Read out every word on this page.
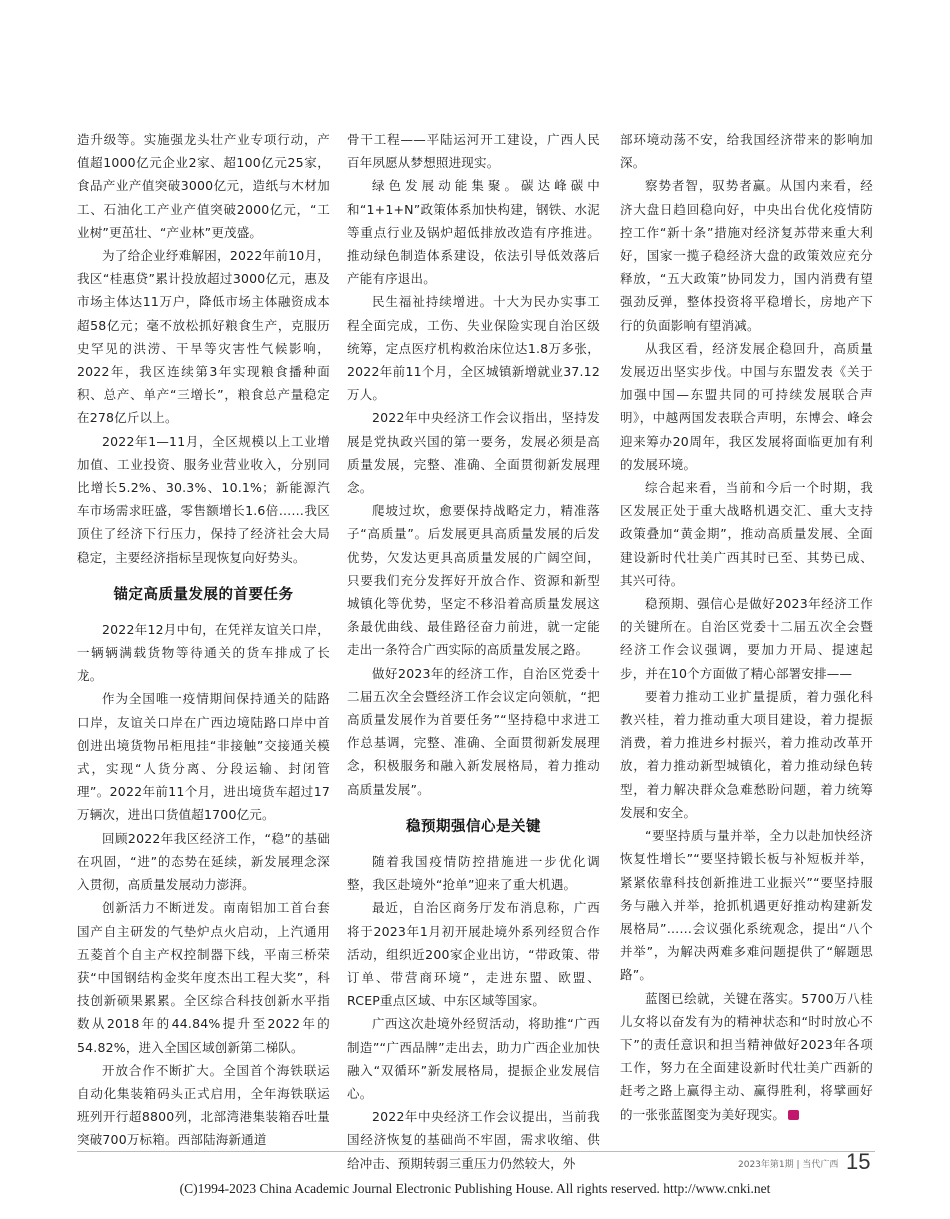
造升级等。实施强龙头壮产业专项行动，产值超1000亿元企业2家、超100亿元25家，食品产业产值突破3000亿元，造纸与木材加工、石油化工产业产值突破2000亿元，“工业树”更茁壮、“产业林”更茂盛。

为了给企业纾难解困，2022年前10月，我区“桂惠贷”累计投放超过3000亿元，惠及市场主体达11万户，降低市场主体融资成本超58亿元；毫不放松抓好粮食生产，克服历史罕见的洪涝、干旱等灾害性气候影响，2022年，我区连续第3年实现粮食播种面积、总产、单产“三增长”，粮食总产量稳定在278亿斤以上。

2022年1—11月，全区规模以上工业增加值、工业投资、服务业营业收入，分别同比增长5.2%、30.3%、10.1%；新能源汽车市场需求旺盛，零售额增长1.6倍……我区顶住了经济下行压力，保持了经济社会大局稳定，主要经济指标呈现恢复向好势头。

锚定高质量发展的首要任务

2022年12月中旬，在凭祥友谊关口岸，一辆辆满载货物等待通关的货车排成了长龙。

作为全国唯一疫情期间保持通关的陆路口岸，友谊关口岸在广西边境陆路口岸中首创进出境货物吊柜甩挂“非接触”交接通关模式，实现“人货分离、分段运输、封闭管理”。2022年前11个月，进出境货车超过17万辆次，进出口货值超1700亿元。

回顾2022年我区经济工作，“稳”的基础在巩固，“进”的态势在延续，新发展理念深入贯彻，高质量发展动力澎湃。

创新活力不断迸发。南南铝加工首台套国产自主研发的气垫炉点火启动，上汽通用五菱首个自主产权控制器下线，平南三桥荣获“中国钢结构金奖年度杰出工程大奖”，科技创新硕果累累。全区综合科技创新水平指数从2018年的44.84%提升至2022年的54.82%，进入全国区域创新第二梯队。

开放合作不断扩大。全国首个海铁联运自动化集装箱码头正式启用，全年海铁联运班列开行超8800列，北部湾港集装箱吞吐量突破700万标箱。西部陆海新通道

骨干工程——平陆运河开工建设，广西人民百年夙愿从梦想照进现实。

绿色发展动能集聚。碳达峰碳中和“1+1+N”政策体系加快构建，钢铁、水泥等重点行业及锅炉超低排放改造有序推进。推动绿色制造体系建设，依法引导低效落后产能有序退出。

民生福祉持续增进。十大为民办实事工程全面完成，工伤、失业保险实现自治区级统筹，定点医疗机构救治床位达1.8万多张，2022年前11个月，全区城镇新增就业37.12万人。

2022年中央经济工作会议指出，坚持发展是党执政兴国的第一要务，发展必须是高质量发展，完整、准确、全面贯彻新发展理念。

爬坡过坎，愈要保持战略定力，精准落子“高质量”。后发展更具高质量发展的后发优势，欠发达更具高质量发展的广阔空间，只要我们充分发挥好开放合作、资源和新型城镇化等优势，坚定不移沿着高质量发展这条最优曲线、最佳路径奋力前进，就一定能走出一条符合广西实际的高质量发展之路。

做好2023年的经济工作，自治区党委十二届五次全会暨经济工作会议定向领航，“把高质量发展作为首要任务”“坚持稳中求进工作总基调，完整、准确、全面贯彻新发展理念，积极服务和融入新发展格局，着力推动高质量发展”。

稳预期强信心是关键

随着我国疫情防控措施进一步优化调整，我区赴境外“抢单”迎来了重大机遇。

最近，自治区商务厅发布消息称，广西将于2023年1月初开展赴境外系列经贸合作活动，组织近200家企业出访，“带政策、带订单、带营商环境”，走进东盟、欧盟、RCEP重点区域、中东区域等国家。

广西这次赴境外经贸活动，将助推“广西制造”“广西品牌”走出去，助力广西企业加快融入“双循环”新发展格局，提振企业发展信心。

2022年中央经济工作会议提出，当前我国经济恢复的基础尚不牢固，需求收缩、供给冲击、预期转弱三重压力仍然较大，外

部环境动荡不安，给我国经济带来的影响加深。

察势者智，驭势者赢。从国内来看，经济大盘日趋回稳向好，中央出台优化疫情防控工作“新十条”措施对经济复苏带来重大利好，国家一揽子稳经济大盘的政策效应充分释放，“五大政策”协同发力，国内消费有望强劲反弹，整体投资将平稳增长，房地产下行的负面影响有望消减。

从我区看，经济发展企稳回升，高质量发展迈出坚实步伐。中国与东盟发表《关于加强中国—东盟共同的可持续发展联合声明》，中越两国发表联合声明，东博会、峰会迎来筹办20周年，我区发展将面临更加有利的发展环境。

综合起来看，当前和今后一个时期，我区发展正处于重大战略机遇交汇、重大支持政策叠加“黄金期”，推动高质量发展、全面建设新时代壮美广西其时已至、其势已成、其兴可待。

稳预期、强信心是做好2023年经济工作的关键所在。自治区党委十二届五次全会暨经济工作会议强调，要加力开局、提速起步，并在10个方面做了精心部署安排——

要着力推动工业扩量提质，着力强化科教兴桂，着力推动重大项目建设，着力提振消费，着力推进乡村振兴，着力推动改革开放，着力推动新型城镇化，着力推动绿色转型，着力解决群众急难愁盼问题，着力统筹发展和安全。

“要坚持质与量并举，全力以赴加快经济恢复性增长”“要坚持锻长板与补短板并举，紧紧依靠科技创新推进工业振兴”“要坚持服务与融入并举，抢抓机遇更好推动构建新发展格局”……会议强化系统观念，提出“八个并举”，为解决两难多难问题提供了“解题思路”。

蓝图已绘就，关键在落实。5700万八桂儿女将以奋发有为的精神状态和“时时放心不下”的责任意识和担当精神做好2023年各项工作，努力在全面建设新时代壮美广西新的赶考之路上赢得主动、赢得胜利，将擘画好的一张张蓝图变为美好现实。

2023年第1期 | 当代广西 15
(C)1994-2023 China Academic Journal Electronic Publishing House. All rights reserved. http://www.cnki.net
